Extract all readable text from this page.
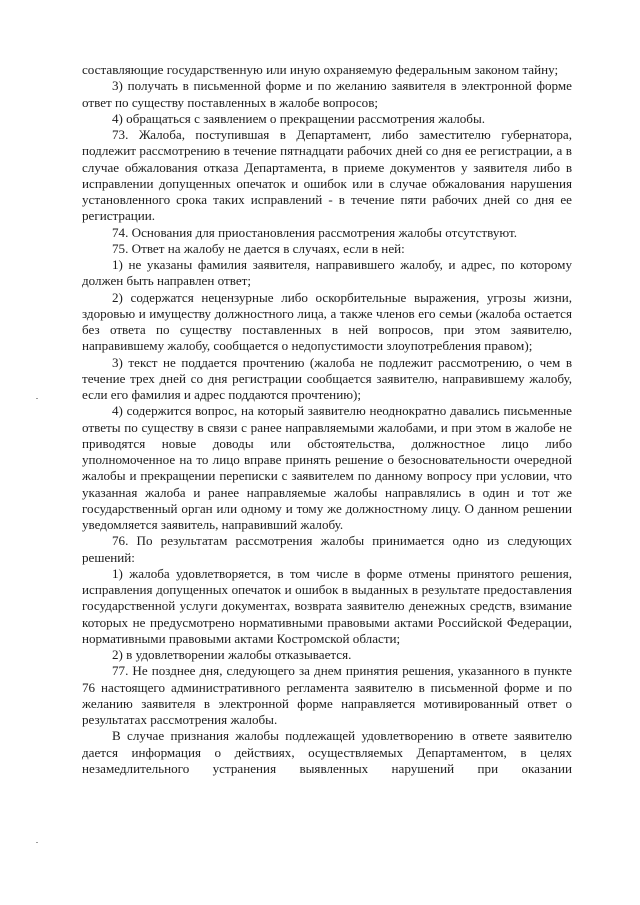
составляющие государственную или иную охраняемую федеральным законом тайну;

3) получать в письменной форме и по желанию заявителя в электронной форме ответ по существу поставленных в жалобе вопросов;

4) обращаться с заявлением о прекращении рассмотрения жалобы.

73. Жалоба, поступившая в Департамент, либо заместителю губернатора, подлежит рассмотрению в течение пятнадцати рабочих дней со дня ее регистрации, а в случае обжалования отказа Департамента, в приеме документов у заявителя либо в исправлении допущенных опечаток и ошибок или в случае обжалования нарушения установленного срока таких исправлений - в течение пяти рабочих дней со дня ее регистрации.

74. Основания для приостановления рассмотрения жалобы отсутствуют.

75. Ответ на жалобу не дается в случаях, если в ней:

1) не указаны фамилия заявителя, направившего жалобу, и адрес, по которому должен быть направлен ответ;

2) содержатся нецензурные либо оскорбительные выражения, угрозы жизни, здоровью и имуществу должностного лица, а также членов его семьи (жалоба остается без ответа по существу поставленных в ней вопросов, при этом заявителю, направившему жалобу, сообщается о недопустимости злоупотребления правом);

3) текст не поддается прочтению (жалоба не подлежит рассмотрению, о чем в течение трех дней со дня регистрации сообщается заявителю, направившему жалобу, если его фамилия и адрес поддаются прочтению);

4) содержится вопрос, на который заявителю неоднократно давались письменные ответы по существу в связи с ранее направляемыми жалобами, и при этом в жалобе не приводятся новые доводы или обстоятельства, должностное лицо либо уполномоченное на то лицо вправе принять решение о безосновательности очередной жалобы и прекращении переписки с заявителем по данному вопросу при условии, что указанная жалоба и ранее направляемые жалобы направлялись в один и тот же государственный орган или одному и тому же должностному лицу. О данном решении уведомляется заявитель, направивший жалобу.

76. По результатам рассмотрения жалобы принимается одно из следующих решений:

1) жалоба удовлетворяется, в том числе в форме отмены принятого решения, исправления допущенных опечаток и ошибок в выданных в результате предоставления государственной услуги документах, возврата заявителю денежных средств, взимание которых не предусмотрено нормативными правовыми актами Российской Федерации, нормативными правовыми актами Костромской области;

2) в удовлетворении жалобы отказывается.

77. Не позднее дня, следующего за днем принятия решения, указанного в пункте 76 настоящего административного регламента заявителю в письменной форме и по желанию заявителя в электронной форме направляется мотивированный ответ о результатах рассмотрения жалобы.

В случае признания жалобы подлежащей удовлетворению в ответе заявителю дается информация о действиях, осуществляемых Департаментом, в целях незамедлительного устранения выявленных нарушений при оказании
